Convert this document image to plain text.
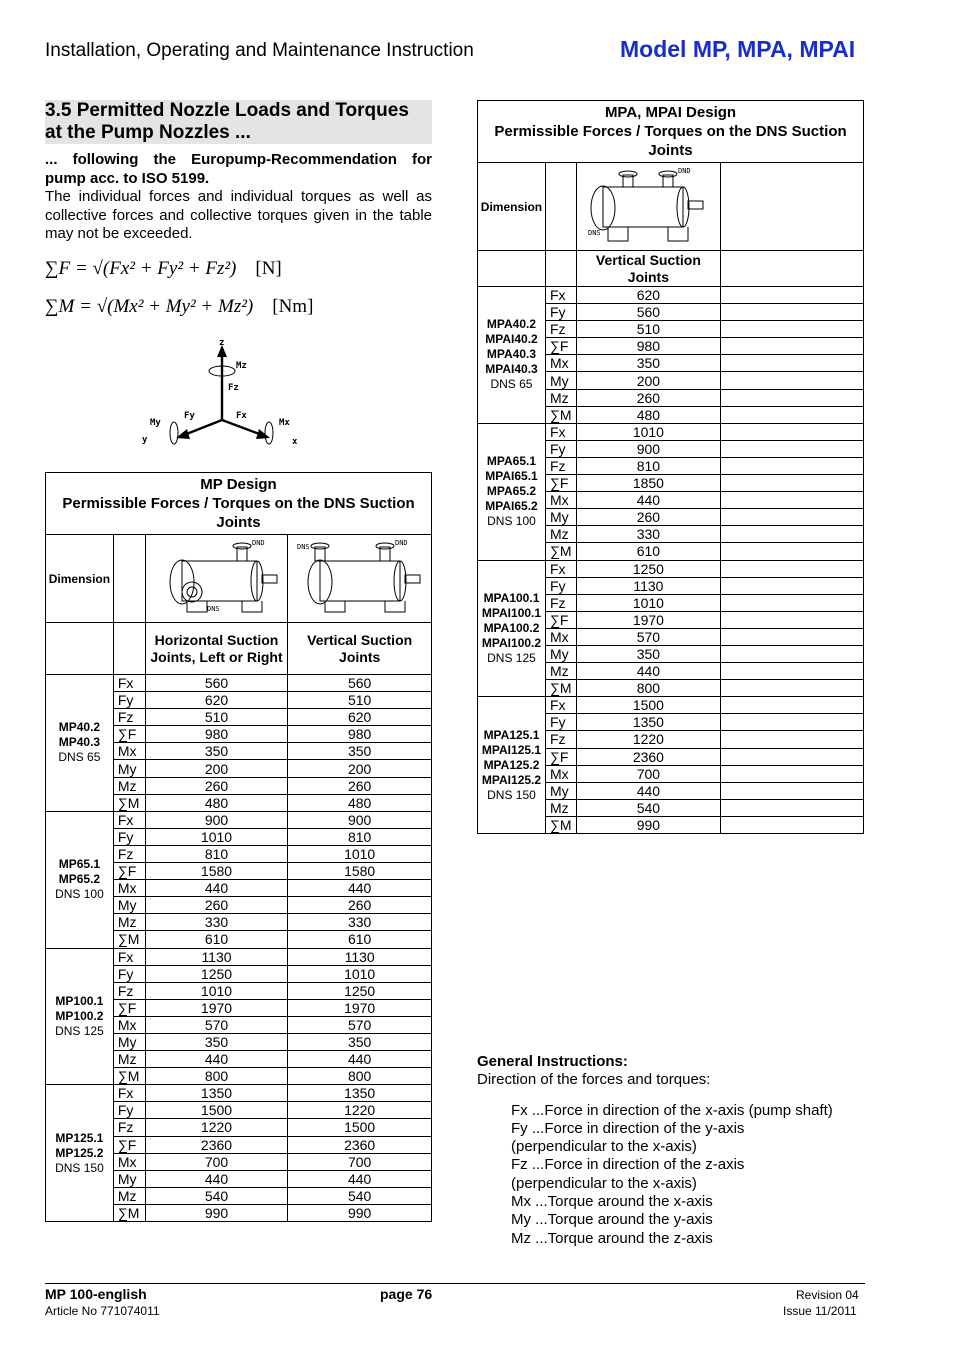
Installation, Operating and Maintenance Instruction	Model MP, MPA, MPAI
3.5 Permitted Nozzle Loads and Torques
at the Pump Nozzles ...
... following the Europump-Recommendation for pump acc. to ISO 5199.
The individual forces and individual torques as well as collective forces and collective torques given in the table may not be exceeded.
∑F = √(Fx² + Fy² + Fz²) [N]
∑M = √(Mx² + My² + Mz²) [Nm]
z
Mz
Fz
Fy	Fx
My	Mx
y	x
MP Design
Permissible Forces / Torques on the DNS Suction Joints			

Dimension		DNS
DND	DNS DND

		Horizontal Suction Joints, Left or Right	Vertical Suction Joints

MP40.2
MP40.3
DNS 65	Fx	560	560
	Fy	620	510
	Fz	510	620
	∑F	980	980
	Mx	350	350
	My	200	200
	Mz	260	260
	∑M	480	480

MP65.1
MP65.2
DNS 100	Fx	900	900
	Fy	1010	810
	Fz	810	1010
	∑F	1580	1580
	Mx	440	440
	My	260	260
	Mz	330	330
	∑M	610	610

MP100.1
MP100.2
DNS 125	Fx	1130	1130
	Fy	1250	1010
	Fz	1010	1250
	∑F	1970	1970
	Mx	570	570
	My	350	350
	Mz	440	440
	∑M	800	800

MP125.1
MP125.2
DNS 150	Fx	1350	1350
	Fy	1500	1220
	Fz	1220	1500
	∑F	2360	2360
	Mx	700	700
	My	440	440
	Mz	540	540
	∑M	990	990
MPA, MPAI Design
Permissible Forces / Torques on the DNS Suction Joints			

Dimension		DNS
DND	

		Vertical Suction Joints	

MPA40.2
MPAI40.2
MPA40.3
MPAI40.3
DNS 65	Fx	620	
	Fy	560	
	Fz	510	
	∑F	980	
	Mx	350	
	My	200	
	Mz	260	
	∑M	480	

MPA65.1
MPAI65.1
MPA65.2
MPAI65.2
DNS 100	Fx	1010	
	Fy	900	
	Fz	810	
	∑F	1850	
	Mx	440	
	My	260	
	Mz	330	
	∑M	610	

MPA100.1
MPAI100.1
MPA100.2
MPAI100.2
DNS 125	Fx	1250	
	Fy	1130	
	Fz	1010	
	∑F	1970	
	Mx	570	
	My	350	
	Mz	440	
	∑M	800	

MPA125.1
MPAI125.1
MPA125.2
MPAI125.2
DNS 150	Fx	1500	
	Fy	1350	
	Fz	1220	
	∑F	2360	
	Mx	700	
	My	440	
	Mz	540	
	∑M	990	
General Instructions:
Direction of the forces and torques:
Fx ...Force in direction of the x-axis (pump shaft)
Fy ...Force in direction of the y-axis (perpendicular to the x-axis)
Fz ...Force in direction of the z-axis (perpendicular to the x-axis)
Mx ...Torque around the x-axis
My ...Torque around the y-axis
Mz ...Torque around the z-axis
MP 100-english
Article No 771074011
page 76	Revision 04
Issue 11/2011
